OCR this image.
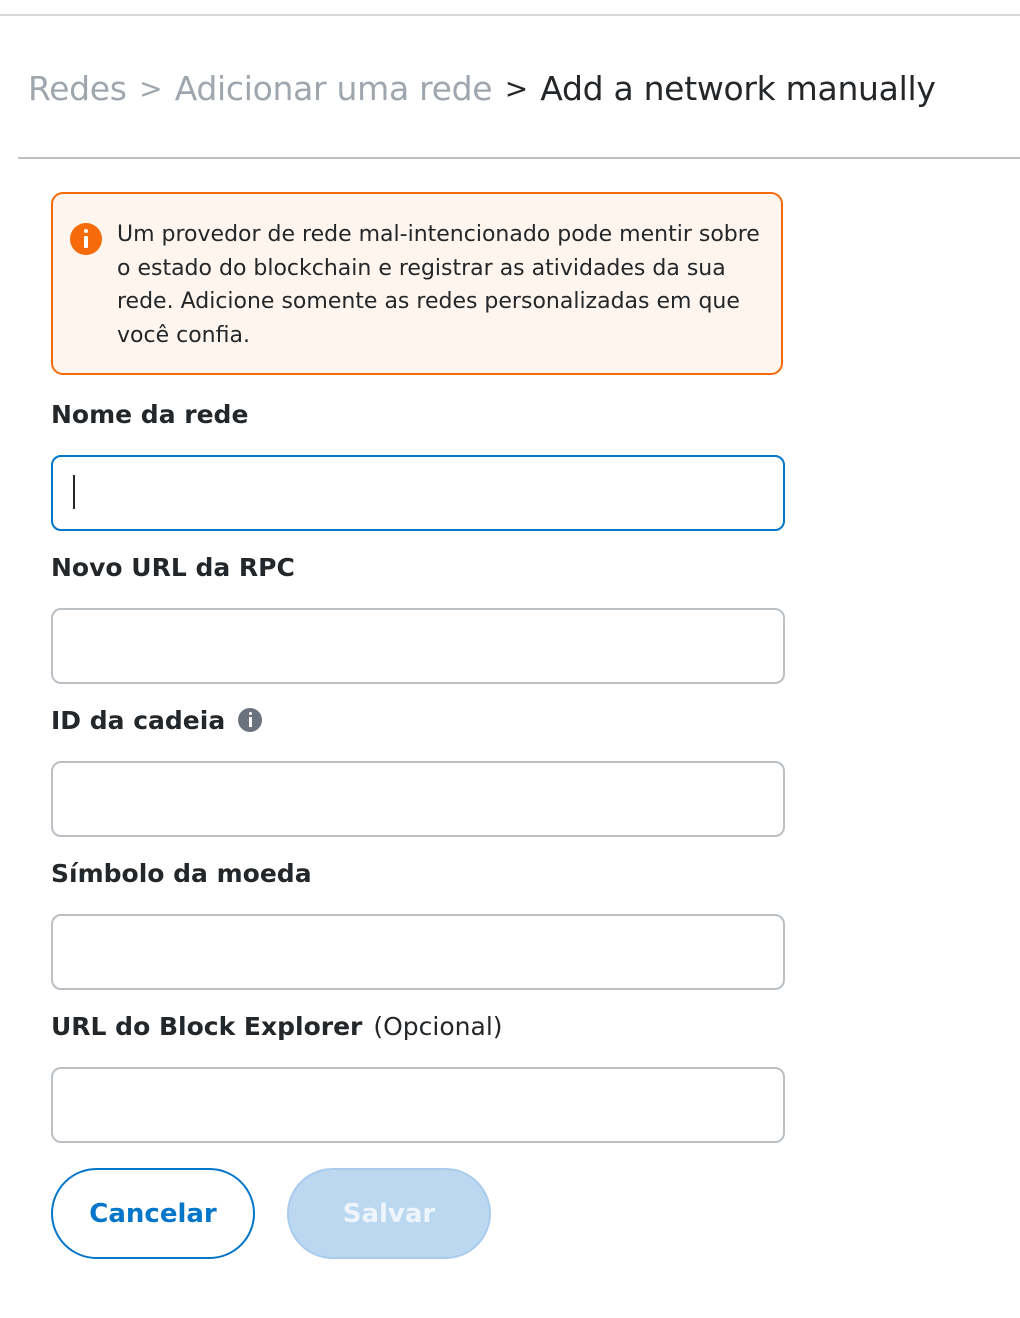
Redes > Adicionar uma rede > Add a network manually
Um provedor de rede mal-intencionado pode mentir sobre o estado do blockchain e registrar as atividades da sua rede. Adicione somente as redes personalizadas em que você confia.
Nome da rede
Novo URL da RPC
ID da cadeia
Símbolo da moeda
URL do Block Explorer (Opcional)
Cancelar	Salvar
